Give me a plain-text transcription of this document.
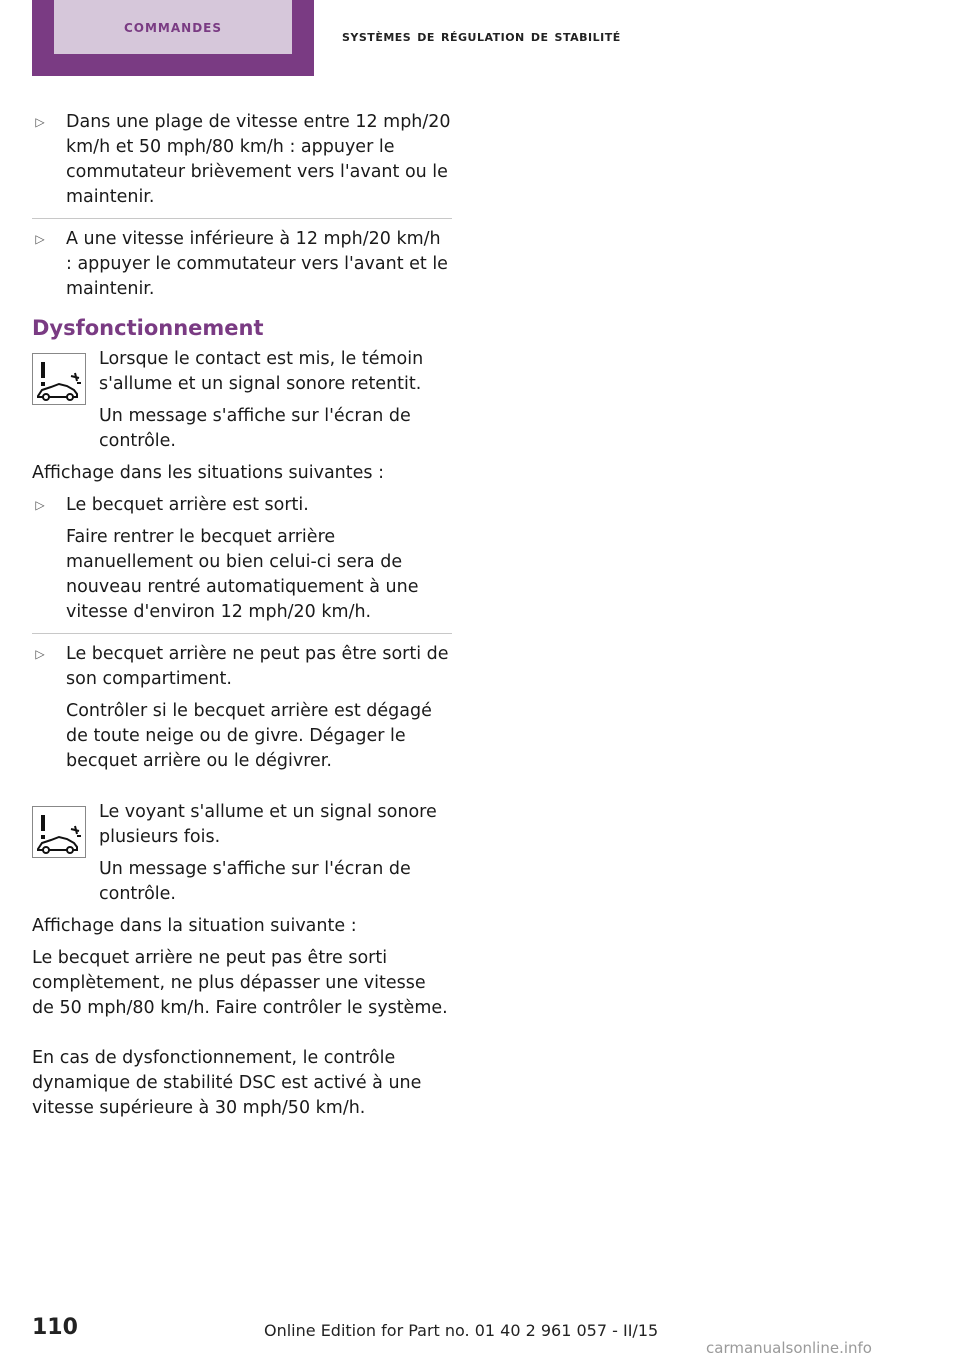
commandes	systèmes de régulation de stabilité
▷ Dans une plage de vitesse entre 12 mph/20 km/h et 50 mph/80 km/h : appuyer le commutateur brièvement vers l'avant ou le maintenir.
▷ A une vitesse inférieure à 12 mph/20 km/h : appuyer le commutateur vers l'avant et le maintenir.
Dysfonctionnement
Lorsque le contact est mis, le témoin s'allume et un signal sonore retentit.
Un message s'affiche sur l'écran de contrôle.

Affichage dans les situations suivantes :

▷ Le becquet arrière est sorti.
Faire rentrer le becquet arrière manuellement ou bien celui-ci sera de nouveau rentré automatiquement à une vitesse d'environ 12 mph/20 km/h.
▷ Le becquet arrière ne peut pas être sorti de son compartiment.
Contrôler si le becquet arrière est dégagé de toute neige ou de givre. Dégager le becquet arrière ou le dégivrer.
Le voyant s'allume et un signal sonore plusieurs fois.
Un message s'affiche sur l'écran de contrôle.

Affichage dans la situation suivante :

Le becquet arrière ne peut pas être sorti complètement, ne plus dépasser une vitesse de 50 mph/80 km/h. Faire contrôler le système.

En cas de dysfonctionnement, le contrôle dynamique de stabilité DSC est activé à une vitesse supérieure à 30 mph/50 km/h.

110	Online Edition for Part no. 01 40 2 961 057 - II/15
carmanualsonline.info
